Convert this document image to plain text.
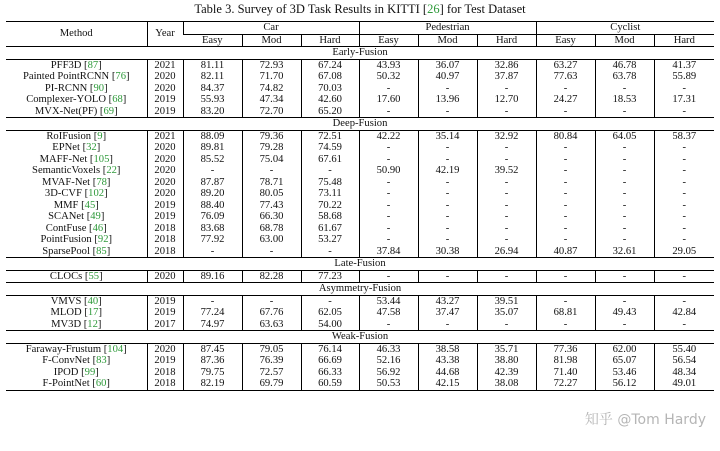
Table 3. Survey of 3D Task Results in KITTI [26] for Test Dataset
Method	Year	Car			Pedestrian			Cyclist		
		Easy	Mod	Hard	Easy	Mod	Hard	Easy	Mod	Hard
Early-Fusion										
PFF3D [87]	2021	81.11	72.93	67.24	43.93	36.07	32.86	63.27	46.78	41.37
Painted PointRCNN [76]	2020	82.11	71.70	67.08	50.32	40.97	37.87	77.63	63.78	55.89
PI-RCNN [90]	2020	84.37	74.82	70.03	-	-	-	-	-	-
Complexer-YOLO [68]	2019	55.93	47.34	42.60	17.60	13.96	12.70	24.27	18.53	17.31
MVX-Net(PF) [69]	2019	83.20	72.70	65.20	-	-	-	-	-	-
Deep-Fusion										
RoIFusion [9]	2021	88.09	79.36	72.51	42.22	35.14	32.92	80.84	64.05	58.37
EPNet [32]	2020	89.81	79.28	74.59	-	-	-	-	-	-
MAFF-Net [105]	2020	85.52	75.04	67.61	-	-	-	-	-	-
SemanticVoxels [22]	2020	-	-	-	50.90	42.19	39.52	-	-	-
MVAF-Net [78]	2020	87.87	78.71	75.48	-	-	-	-	-	-
3D-CVF [102]	2020	89.20	80.05	73.11	-	-	-	-	-	-
MMF [45]	2019	88.40	77.43	70.22	-	-	-	-	-	-
SCANet [49]	2019	76.09	66.30	58.68	-	-	-	-	-	-
ContFuse [46]	2018	83.68	68.78	61.67	-	-	-	-	-	-
PointFusion [92]	2018	77.92	63.00	53.27	-	-	-	-	-	-
SparsePool [85]	2018	-	-	-	37.84	30.38	26.94	40.87	32.61	29.05
Late-Fusion										
CLOCs [55]	2020	89.16	82.28	77.23	-	-	-	-	-	-
Asymmetry-Fusion										
VMVS [40]	2019	-	-	-	53.44	43.27	39.51	-	-	-
MLOD [17]	2019	77.24	67.76	62.05	47.58	37.47	35.07	68.81	49.43	42.84
MV3D [12]	2017	74.97	63.63	54.00	-	-	-	-	-	-
Weak-Fusion										
Faraway-Frustum [104]	2020	87.45	79.05	76.14	46.33	38.58	35.71	77.36	62.00	55.40
F-ConvNet [83]	2019	87.36	76.39	66.69	52.16	43.38	38.80	81.98	65.07	56.54
IPOD [99]	2018	79.75	72.57	66.33	56.92	44.68	42.39	71.40	53.46	48.34
F-PointNet [60]	2018	82.19	69.79	60.59	50.53	42.15	38.08	72.27	56.12	49.01
知乎 @Tom Hardy
